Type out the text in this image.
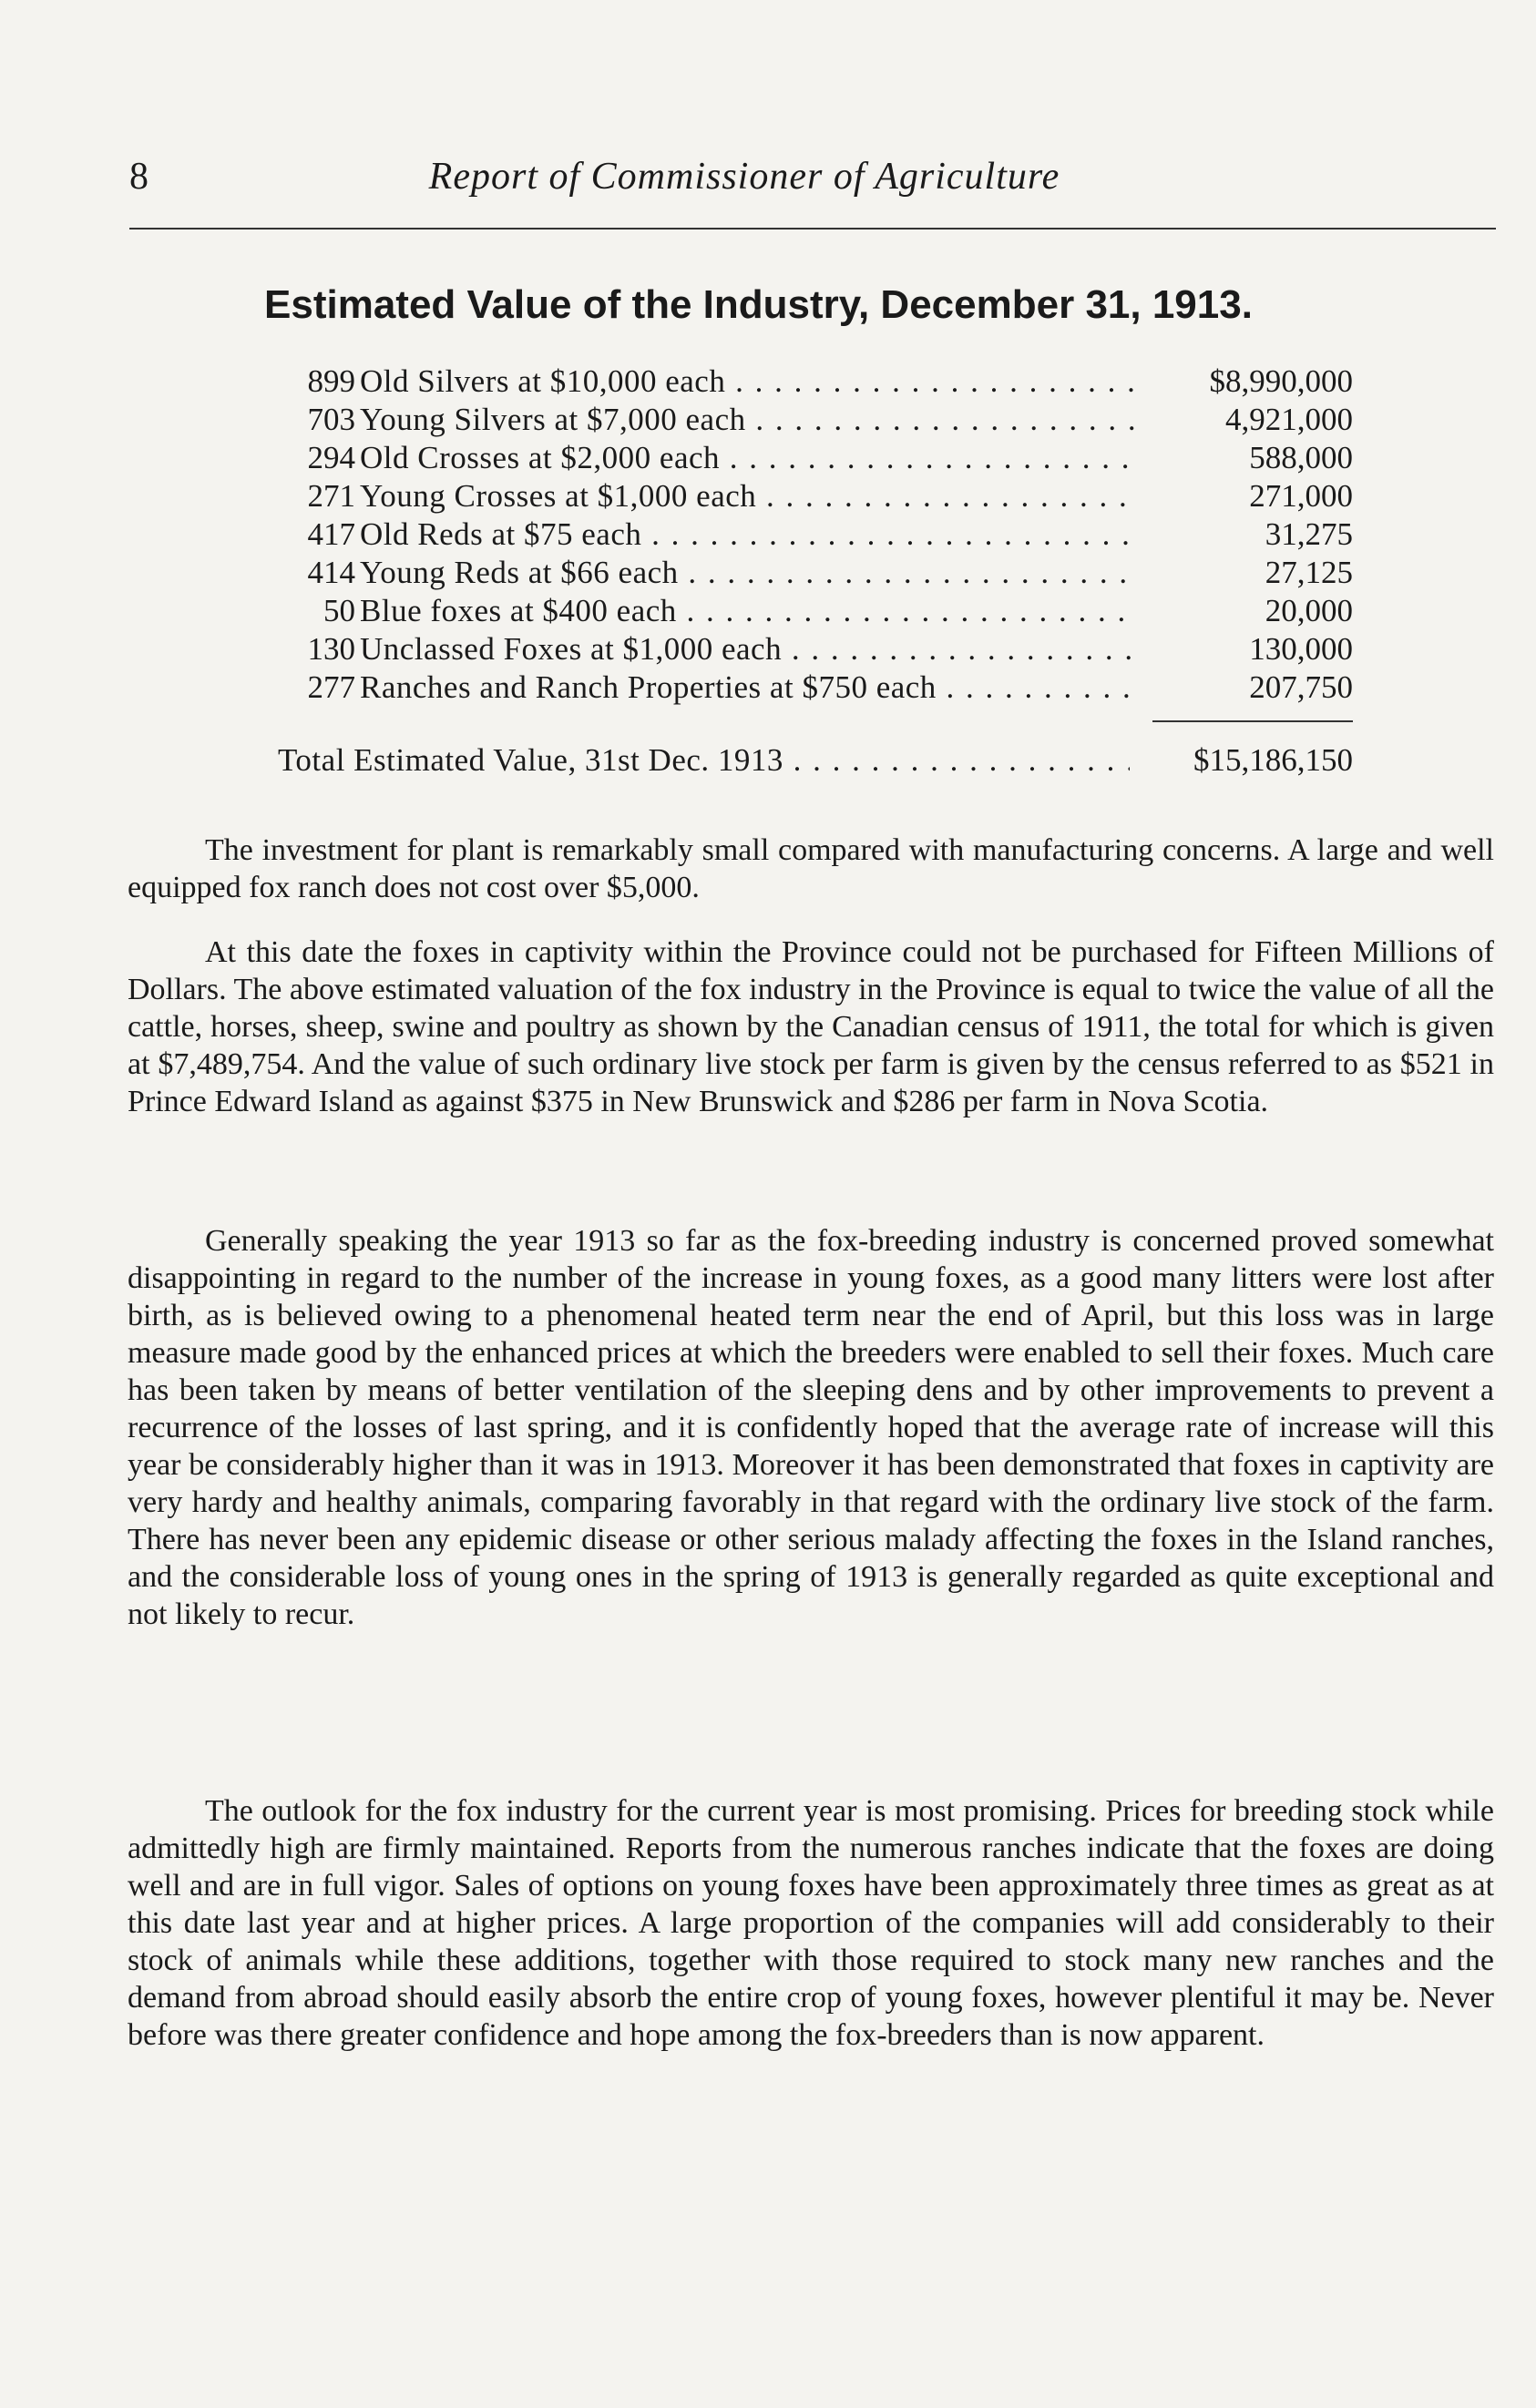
8	Report of Commissioner of Agriculture
Estimated Value of the Industry, December 31, 1913.
899 Old Silvers at $10,000 each . . .	$8,990,000
703 Young Silvers at $7,000 each . . .	4,921,000
294 Old Crosses at $2,000 each . . .	588,000
271 Young Crosses at $1,000 each . . .	271,000
417 Old Reds at $75 each . . .	31,275
414 Young Reds at $66 each . . .	27,125
50 Blue foxes at $400 each . . .	20,000
130 Unclassed Foxes at $1,000 each . . .	130,000
277 Ranches and Ranch Properties at $750 each . . .	207,750
Total Estimated Value, 31st Dec. 1913 . . .	$15,186,150

The investment for plant is remarkably small compared with manufacturing concerns. A large and well equipped fox ranch does not cost over $5,000.

At this date the foxes in captivity within the Province could not be purchased for Fifteen Millions of Dollars. The above estimated valuation of the fox industry in the Province is equal to twice the value of all the cattle, horses, sheep, swine and poultry as shown by the Canadian census of 1911, the total for which is given at $7,489,754. And the value of such ordinary live stock per farm is given by the census referred to as $521 in Prince Edward Island as against $375 in New Brunswick and $286 per farm in Nova Scotia.

Generally speaking the year 1913 so far as the fox-breeding industry is concerned proved somewhat disappointing in regard to the number of the increase in young foxes, as a good many litters were lost after birth, as is believed owing to a phenomenal heated term near the end of April, but this loss was in large measure made good by the enhanced prices at which the breeders were enabled to sell their foxes. Much care has been taken by means of better ventilation of the sleeping dens and by other improvements to prevent a recurrence of the losses of last spring, and it is confidently hoped that the average rate of increase will this year be considerably higher than it was in 1913. Moreover it has been demonstrated that foxes in captivity are very hardy and healthy animals, comparing favorably in that regard with the ordinary live stock of the farm. There has never been any epidemic disease or other serious malady affecting the foxes in the Island ranches, and the considerable loss of young ones in the spring of 1913 is generally regarded as quite exceptional and not likely to recur.

The outlook for the fox industry for the current year is most promising. Prices for breeding stock while admittedly high are firmly maintained. Reports from the numerous ranches indicate that the foxes are doing well and are in full vigor. Sales of options on young foxes have been approximately three times as great as at this date last year and at higher prices. A large proportion of the companies will add considerably to their stock of animals while these additions, together with those required to stock many new ranches and the demand from abroad should easily absorb the entire crop of young foxes, however plentiful it may be. Never before was there greater confidence and hope among the fox-breeders than is now apparent.
